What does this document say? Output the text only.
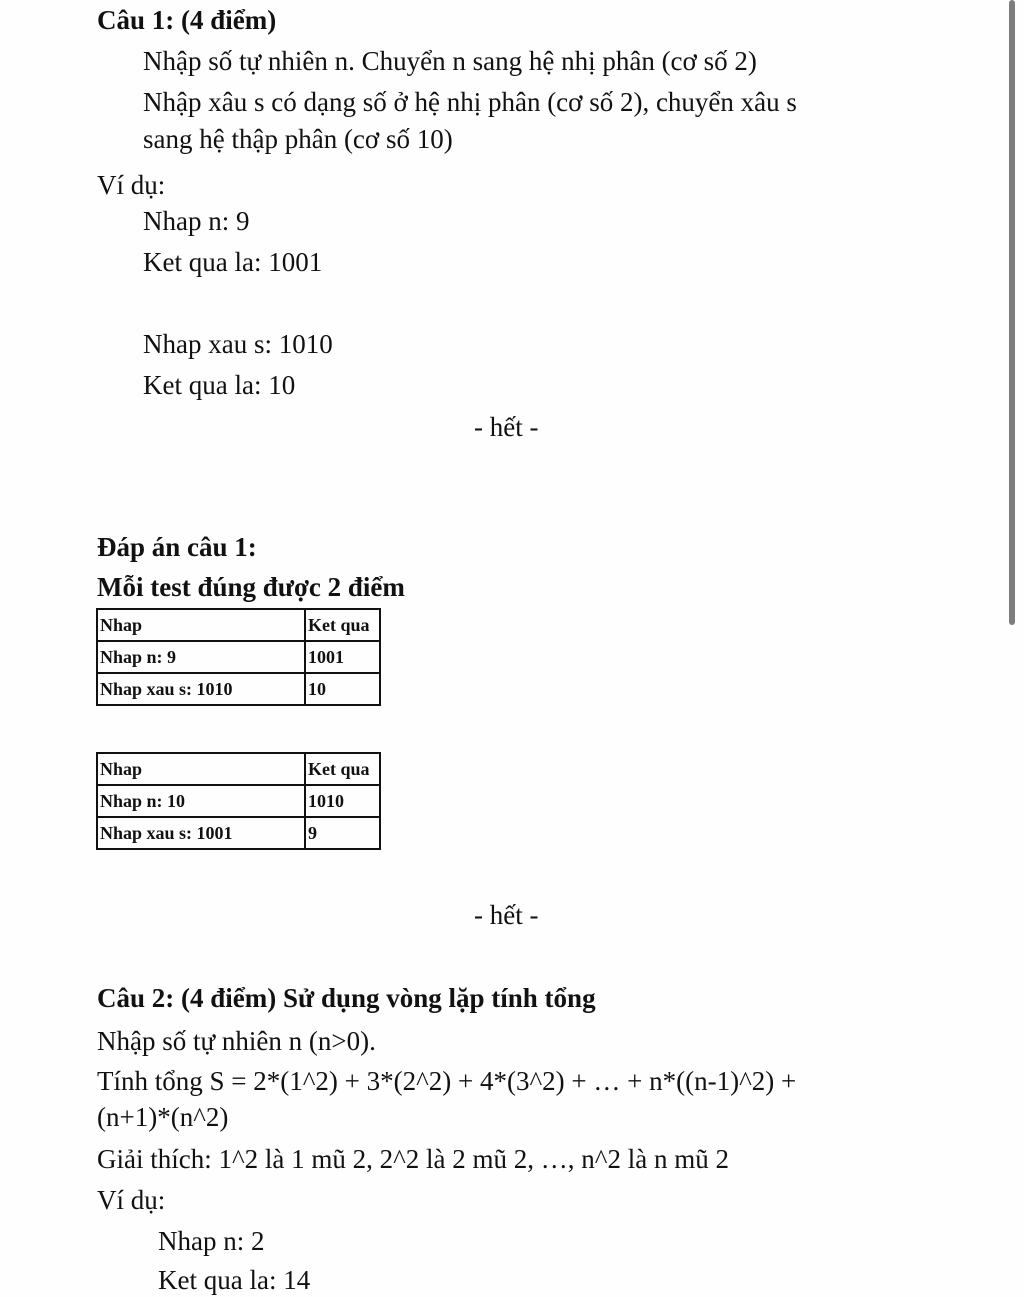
Câu 1: (4 điểm)
Nhập số tự nhiên n. Chuyển n sang hệ nhị phân (cơ số 2)
Nhập xâu s có dạng số ở hệ nhị phân (cơ số 2), chuyển xâu s
sang hệ thập phân (cơ số 10)
Ví dụ:
Nhap n: 9
Ket qua la: 1001
Nhap xau s: 1010
Ket qua la: 10
- hết -
Đáp án câu 1:
Mỗi test đúng được 2 điểm
Nhap	Ket qua
Nhap n: 9	1001
Nhap xau s: 1010	10
Nhap	Ket qua
Nhap n: 10	1010
Nhap xau s: 1001	9
- hết -
Câu 2: (4 điểm) Sử dụng vòng lặp tính tổng
Nhập số tự nhiên n (n>0).
Tính tổng S = 2*(1^2) + 3*(2^2) + 4*(3^2) + … + n*((n-1)^2) +
(n+1)*(n^2)
Giải thích: 1^2 là 1 mũ 2, 2^2 là 2 mũ 2, …, n^2 là n mũ 2
Ví dụ:
Nhap n: 2
Ket qua la: 14
